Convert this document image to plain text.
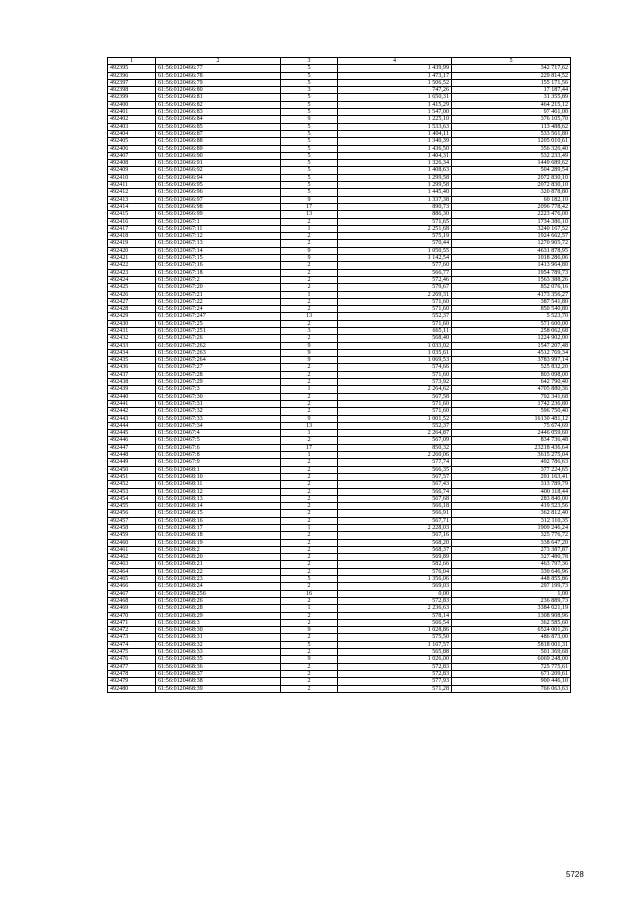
1	2	3	4	5
492395	61:56:0120466:77	5	1 439,99	342 717,62
492396	61:56:0120466:78	5	1 473,17	229 814,52
492397	61:56:0120466:79	5	1 506,52	155 171,56
492398	61:56:0120466:80	3	747,26	17 187,44
492399	61:56:0120466:81	5	1 650,31	31 355,89
492400	61:56:0120466:82	5	1 415,29	464 215,12
492401	61:56:0120466:83	5	1 547,00	97 461,00
492402	61:56:0120466:84	9	1 225,10	376 105,70
492403	61:56:0120466:85	5	1 533,63	113 488,62
492404	61:56:0120466:87	5	1 404,11	533 561,80
492405	61:56:0120466:88	5	1 340,39	1205 010,61
492406	61:56:0120466:89	5	1 436,50	356 326,40
492407	61:56:0120466:90	5	1 404,31	532 233,49
492408	61:56:0120466:91	5	1 326,34	1449 689,62
492409	61:56:0120466:92	5	1 408,63	504 289,54
492410	61:56:0120466:94	5	1 299,58	2072 830,10
492411	61:56:0120466:95	5	1 299,58	2072 830,10
492412	61:56:0120466:96	5	1 445,40	320 878,80
492413	61:56:0120466:97	9	1 337,38	60 182,10
492414	61:56:0120466:98	17	890,73	2096 778,42
492415	61:56:0120466:99	13	886,30	2223 476,00
492416	61:56:0120467:1	2	571,65	1734 386,10
492417	61:56:0120467:11	1	2 251,68	3240 167,52
492418	61:56:0120467:12	2	575,19	1924 662,57
492419	61:56:0120467:13	2	570,44	1270 905,72
492420	61:56:0120467:14	9	1 050,55	4631 878,95
492421	61:56:0120467:15	9	1 142,54	1018 286,06
492422	61:56:0120467:16	2	577,60	1413 964,80
492423	61:56:0120467:18	2	566,77	1954 789,73
492424	61:56:0120467:2	2	572,46	1563 388,26
492425	61:56:0120467:20	2	579,67	852 076,16
492426	61:56:0120467:21	1	2 269,31	4173 356,27
492427	61:56:0120467:22	2	571,60	387 541,80
492428	61:56:0120467:24	2	571,60	850 540,80
492429	61:56:0120467:247	13	552,37	5 523,70
492430	61:56:0120467:25	2	571,60	571 600,00
492431	61:56:0120467:251	3	665,11	258 062,68
492432	61:56:0120467:26	2	568,40	1224 902,00
492433	61:56:0120467:262	9	1 033,02	1547 207,48
492434	61:56:0120467:263	9	1 035,61	4512 769,34
492435	61:56:0120467:264	9	1 069,53	3783 997,14
492436	61:56:0120467:27	2	574,66	525 832,20
492437	61:56:0120467:28	2	571,60	803 098,00
492438	61:56:0120467:29	2	573,92	642 790,40
492439	61:56:0120467:3	1	2 264,62	4705 880,36
492440	61:56:0120467:30	2	567,58	792 341,68
492441	61:56:0120467:31	2	571,60	1742 236,80
492442	61:56:0120467:32	2	571,60	596 750,40
492443	61:56:0120467:33	9	1 001,52	16130 481,12
492444	61:56:0120467:34	13	552,37	75 674,69
492445	61:56:0120467:4	1	2 264,87	2446 059,60
492446	61:56:0120467:5	2	567,09	834 736,48
492447	61:56:0120467:6	17	850,32	23218 436,64
492448	61:56:0120467:8	1	2 260,06	3615 275,04
492449	61:56:0120467:9	2	577,74	492 786,63
492450	61:56:0120468:1	2	566,35	377 224,65
492451	61:56:0120468:10	2	567,57	291 163,41
492452	61:56:0120468:11	2	567,43	313 789,79
492453	61:56:0120468:12	2	566,74	400 118,44
492454	61:56:0120468:13	2	567,68	283 840,00
492455	61:56:0120468:14	2	566,18	419 523,56
492456	61:56:0120468:15	2	566,91	362 812,40
492457	61:56:0120468:16	2	567,71	312 110,35
492458	61:56:0120468:17	1	2 228,03	1909 246,24
492459	61:56:0120468:18	2	567,16	325 776,72
492460	61:56:0120468:19	2	568,20	338 647,20
492461	61:56:0120468:2	2	568,37	273 387,87
492462	61:56:0120468:20	2	569,89	327 480,78
492463	61:56:0120468:21	2	582,66	463 797,36
492464	61:56:0120468:22	2	576,04	330 646,96
492465	61:56:0120468:23	5	1 356,06	448 855,86
492466	61:56:0120468:24	2	569,03	297 199,73
492467	61:56:0120468:256	16	0,00	1,00
492468	61:56:0120468:26	2	572,83	236 889,73
492469	61:56:0120468:28	1	2 236,63	3384 021,19
492470	61:56:0120468:29	2	578,14	1308 908,96
492471	61:56:0120468:3	2	566,54	362 585,60
492472	61:56:0120468:30	9	1 028,86	6524 001,26
492473	61:56:0120468:31	2	575,50	486 873,00
492474	61:56:0120468:32	5	1 167,57	5818 001,31
492475	61:56:0120468:33	2	565,88	501 369,68
492476	61:56:0120468:35	9	1 026,00	6069 248,00
492477	61:56:0120468:36	2	572,83	725 775,61
492478	61:56:0120468:37	2	572,83	671 209,61
492479	61:56:0120468:38	2	577,93	900 446,10
492480	61:56:0120468:39	2	571,28	766 063,63
5728
